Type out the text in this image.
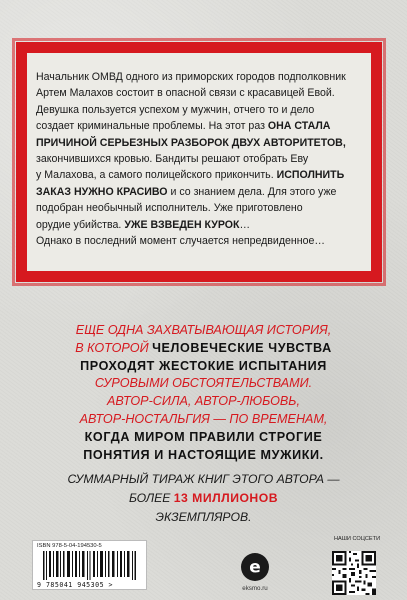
Начальник ОМВД одного из приморских городов подполковник
Артем Малахов состоит в опасной связи с красавицей Евой.
Девушка пользуется успехом у мужчин, отчего то и дело
создает криминальные проблемы. На этот раз ОНА СТАЛА
ПРИЧИНОЙ СЕРЬЕЗНЫХ РАЗБОРОК ДВУХ АВТОРИТЕТОВ,
закончившихся кровью. Бандиты решают отобрать Еву
у Малахова, а самого полицейского прикончить. ИСПОЛНИТЬ
ЗАКАЗ НУЖНО КРАСИВО и со знанием дела. Для этого уже
подобран необычный исполнитель. Уже приготовлено
орудие убийства. УЖЕ ВЗВЕДЕН КУРОК…
Однако в последний момент случается непредвиденное…
ЕЩЕ ОДНА ЗАХВАТЫВАЮЩАЯ ИСТОРИЯ,
В КОТОРОЙ ЧЕЛОВЕЧЕСКИЕ ЧУВСТВА
ПРОХОДЯТ ЖЕСТОКИЕ ИСПЫТАНИЯ
СУРОВЫМИ ОБСТОЯТЕЛЬСТВАМИ.
АВТОР-СИЛА, АВТОР-ЛЮБОВЬ,
АВТОР-НОСТАЛЬГИЯ — ПО ВРЕМЕНАМ,
КОГДА МИРОМ ПРАВИЛИ СТРОГИЕ
ПОНЯТИЯ И НАСТОЯЩИЕ МУЖИКИ.
СУММАРНЫЙ ТИРАЖ КНИГ ЭТОГО АВТОРА —
БОЛЕЕ 13 МИЛЛИОНОВ
ЭКЗЕМПЛЯРОВ.
ISBN 978-5-04-194530-5
9 785041 945305 >
e
eksmo.ru
НАШИ СОЦСЕТИ
